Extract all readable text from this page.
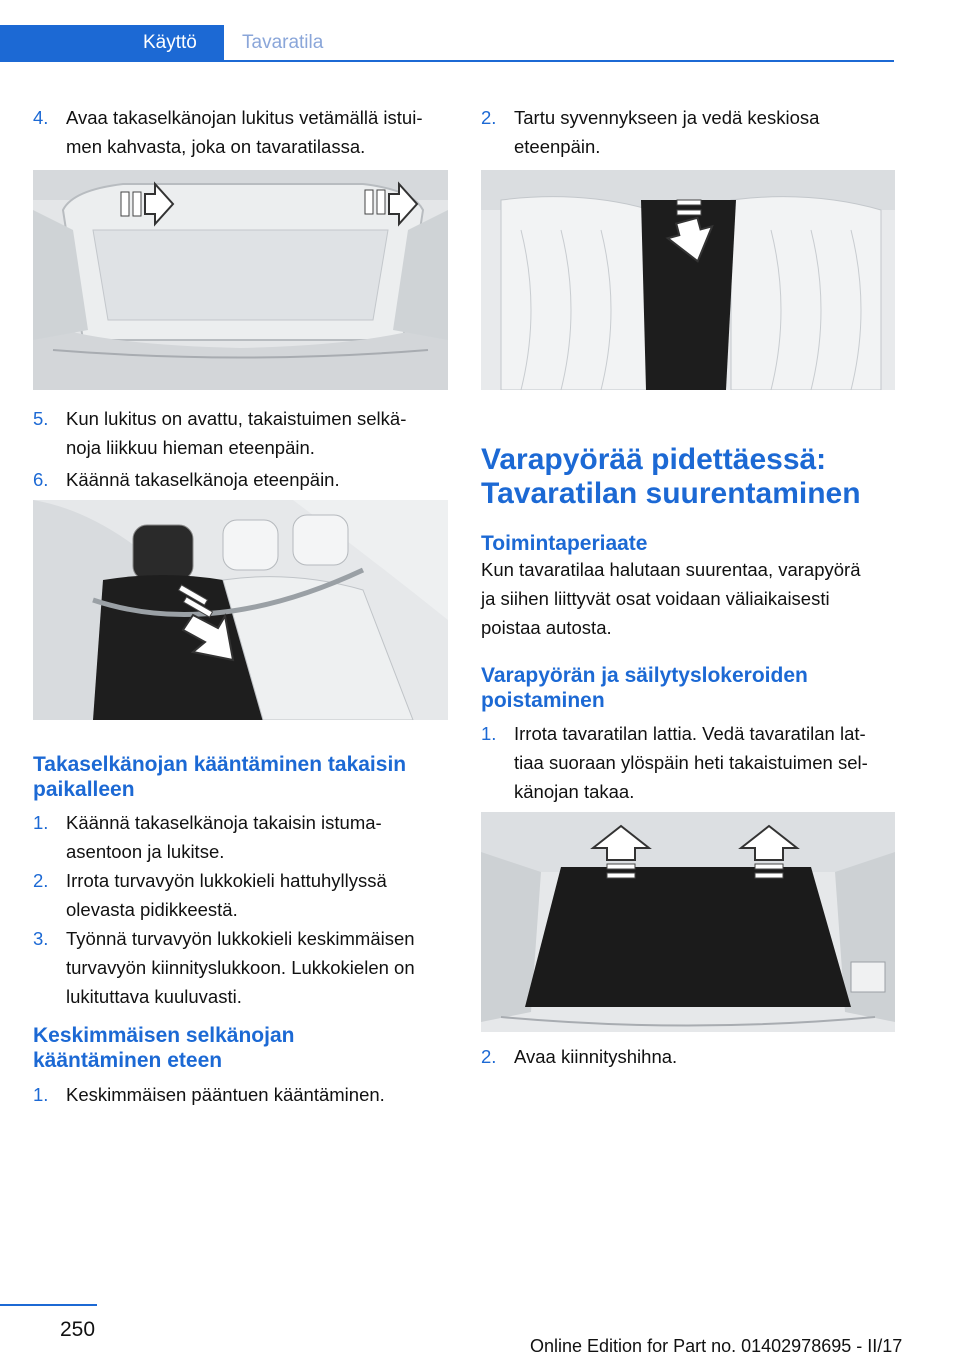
Käyttö Tavaratila
4. Avaa takaselkänojan lukitus vetämällä istui‐
men kahvasta, joka on tavaratilassa.
5. Kun lukitus on avattu, takaistuimen selkä‐
noja liikkuu hieman eteenpäin.
6. Käännä takaselkänoja eteenpäin.
Takaselkänojan kääntäminen takaisin
paikalleen
1. Käännä takaselkänoja takaisin istuma‐
asentoon ja lukitse.
2. Irrota turvavyön lukkokieli hattuhyllyssä
olevasta pidikkeestä.
3. Työnnä turvavyön lukkokieli keskimmäisen
turvavyön kiinnityslukkoon. Lukkokielen on
lukituttava kuuluvasti.
Keskimmäisen selkänojan
kääntäminen eteen
1. Keskimmäisen pääntuen kääntäminen.
2. Tartu syvennykseen ja vedä keskiosa
eteenpäin.
Varapyörää pidettäessä:
Tavaratilan suurentaminen
Toimintaperiaate
Kun tavaratilaa halutaan suurentaa, varapyörä
ja siihen liittyvät osat voidaan väliaikaisesti
poistaa autosta.
Varapyörän ja säilytyslokeroiden
poistaminen
1. Irrota tavaratilan lattia. Vedä tavaratilan lat‐
tiaa suoraan ylöspäin heti takaistuimen sel‐
känojan takaa.
2. Avaa kiinnityshihna.
250
Online Edition for Part no. 01402978695 - II/17
